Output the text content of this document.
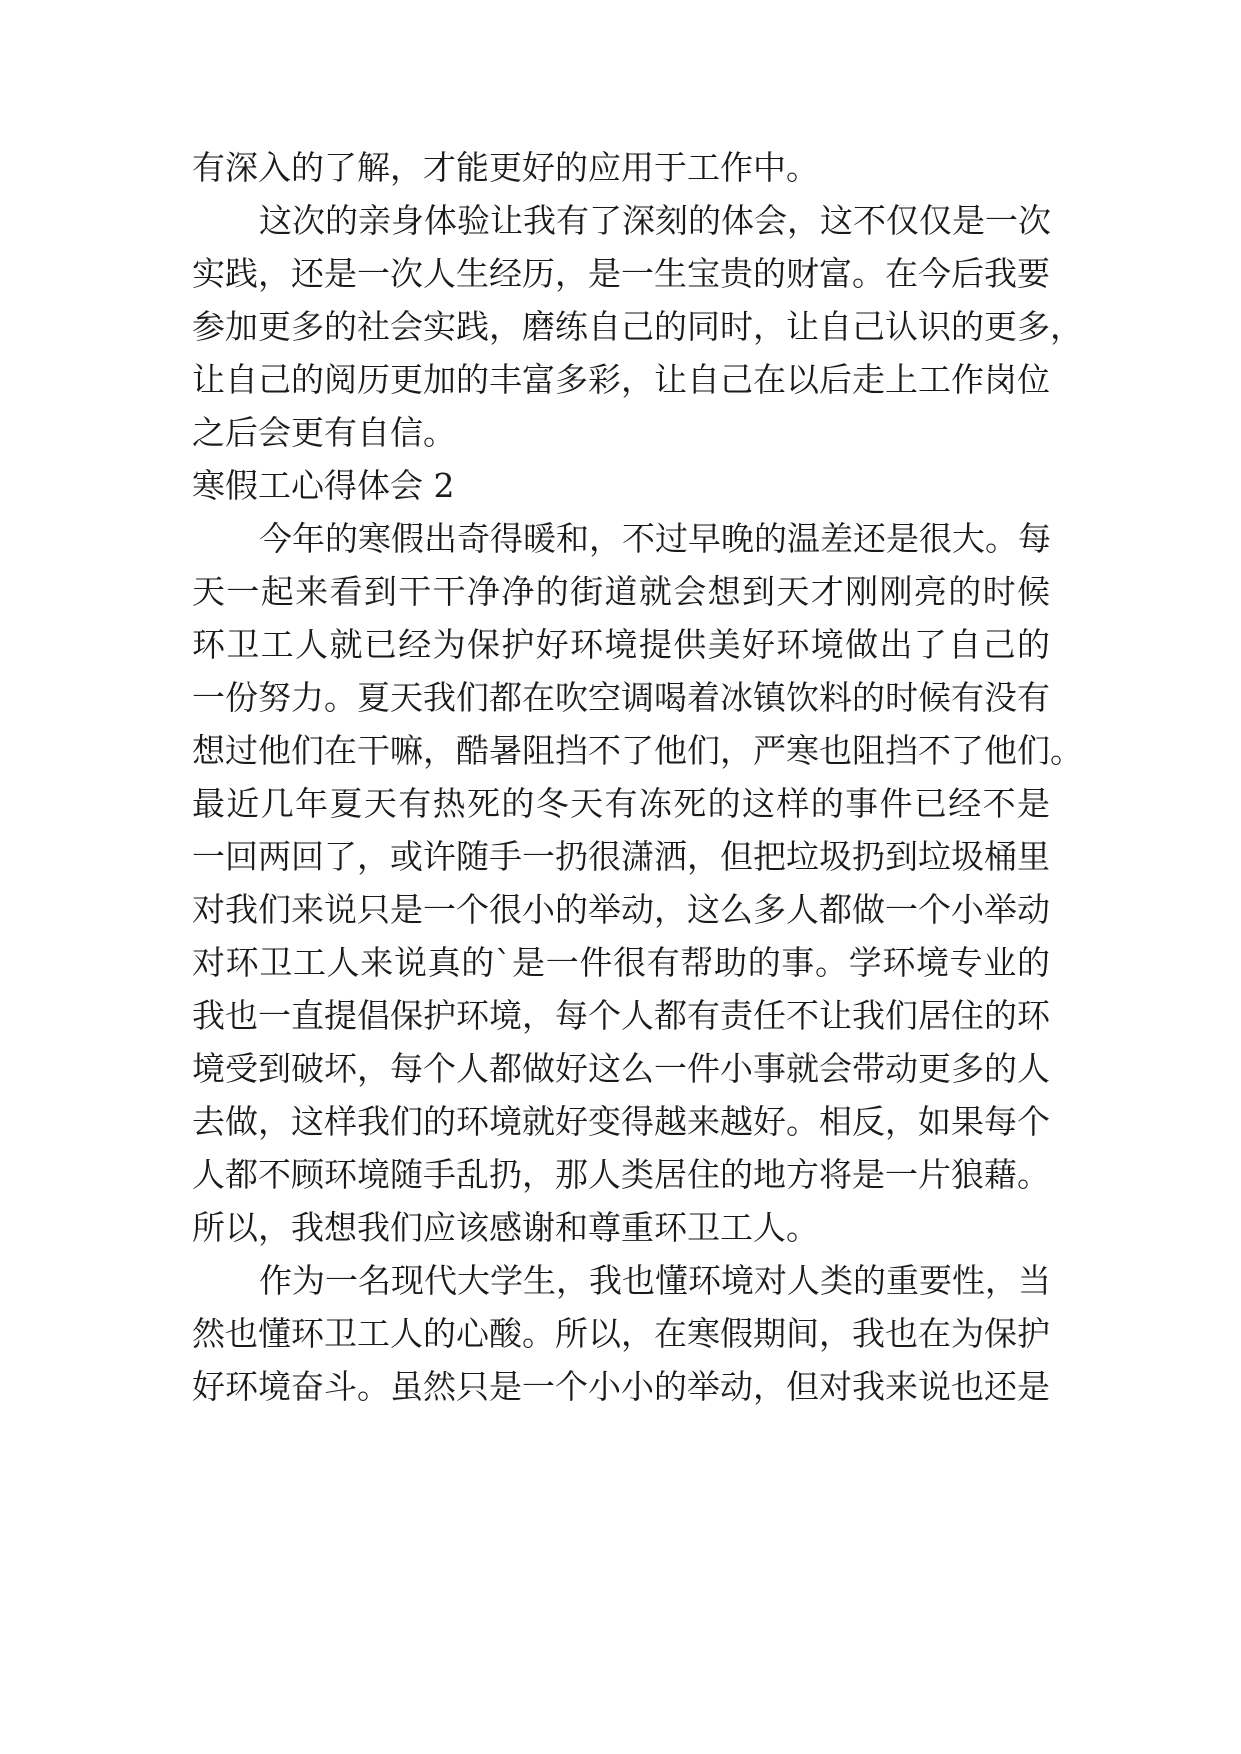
有深入的了解，才能更好的应用于工作中。
这次的亲身体验让我有了深刻的体会，这不仅仅是一次
实践，还是一次人生经历，是一生宝贵的财富。在今后我要
参加更多的社会实践，磨练自己的同时，让自己认识的更多，
让自己的阅历更加的丰富多彩，让自己在以后走上工作岗位
之后会更有自信。
寒假工心得体会 2
今年的寒假出奇得暖和，不过早晚的温差还是很大。每
天一起来看到干干净净的街道就会想到天才刚刚亮的时候
环卫工人就已经为保护好环境提供美好环境做出了自己的
一份努力。夏天我们都在吹空调喝着冰镇饮料的时候有没有
想过他们在干嘛，酷暑阻挡不了他们，严寒也阻挡不了他们。
最近几年夏天有热死的冬天有冻死的这样的事件已经不是
一回两回了，或许随手一扔很潇洒，但把垃圾扔到垃圾桶里
对我们来说只是一个很小的举动，这么多人都做一个小举动
对环卫工人来说真的`是一件很有帮助的事。学环境专业的
我也一直提倡保护环境，每个人都有责任不让我们居住的环
境受到破坏，每个人都做好这么一件小事就会带动更多的人
去做，这样我们的环境就好变得越来越好。相反，如果每个
人都不顾环境随手乱扔，那人类居住的地方将是一片狼藉。
所以，我想我们应该感谢和尊重环卫工人。
作为一名现代大学生，我也懂环境对人类的重要性，当
然也懂环卫工人的心酸。所以，在寒假期间，我也在为保护
好环境奋斗。虽然只是一个小小的举动，但对我来说也还是
